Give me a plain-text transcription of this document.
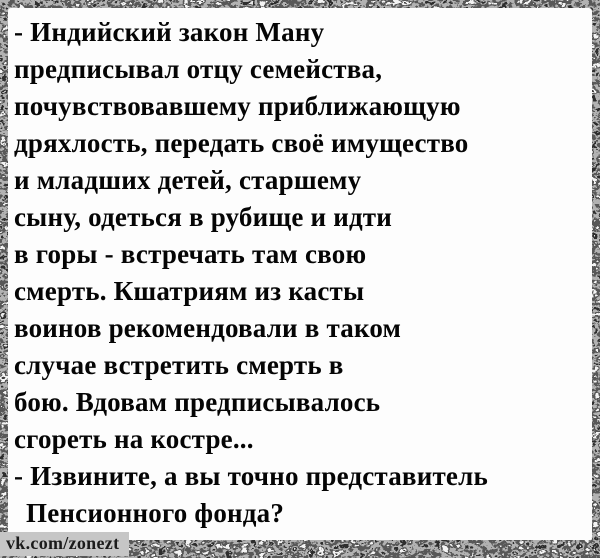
- Индийский закон Ману
предписывал отцу семейства,
почувствовавшему приближающую
дряхлость, передать своё имущество
и младших детей, старшему
сыну, одеться в рубище и идти
в горы - встречать там свою
смерть. Кшатриям из касты
воинов рекомендовали в таком
случае встретить смерть в
бою. Вдовам предписывалось
сгореть на костре...
- Извините, а вы точно представитель
Пенсионного фонда?
vk.com/zonezt
